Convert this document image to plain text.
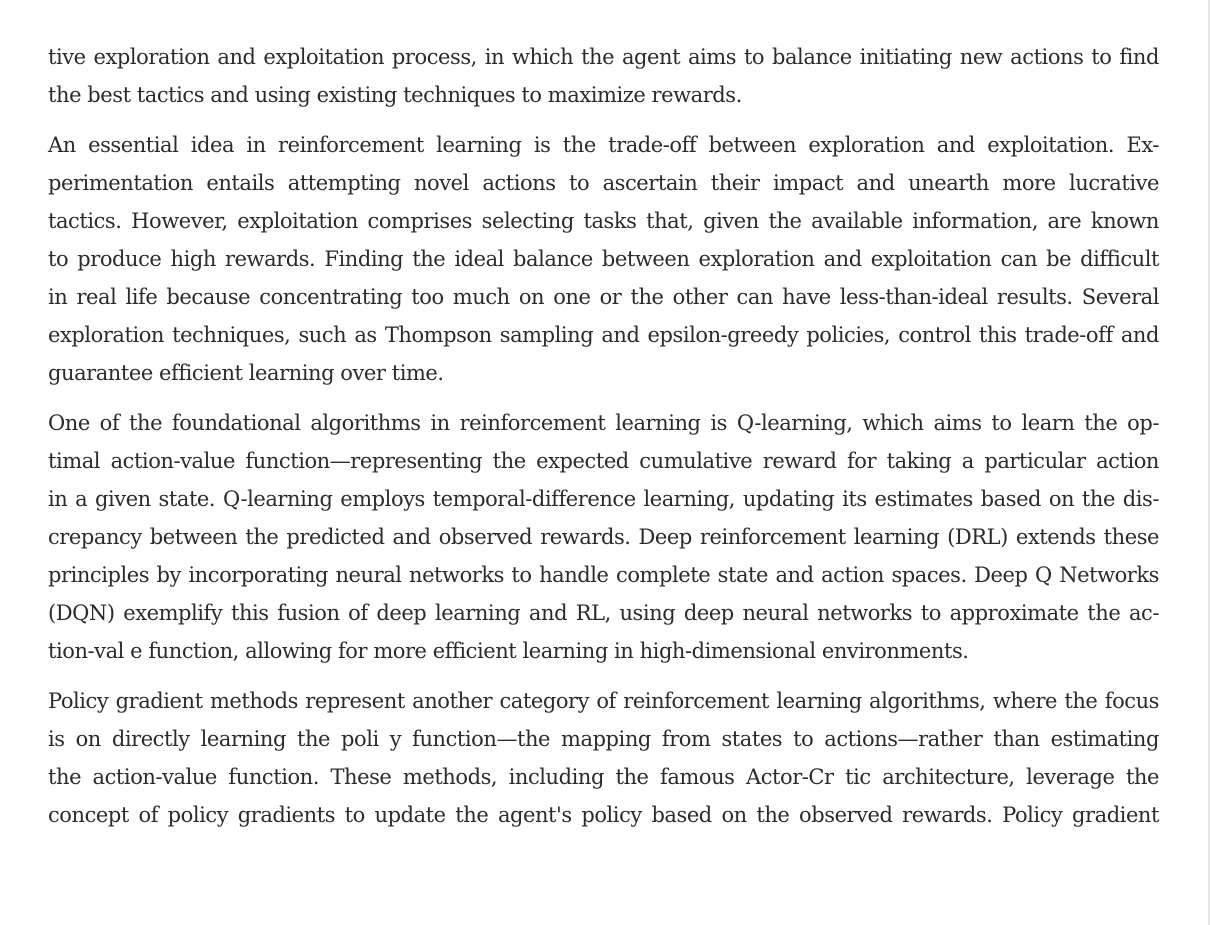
tive exploration and exploitation process, in which the agent aims to balance initiating new actions to find
the best tactics and using existing techniques to maximize rewards.

An essential idea in reinforcement learning is the trade-off between exploration and exploitation. Ex-
perimentation entails attempting novel actions to ascertain their impact and unearth more lucrative
tactics. However, exploitation comprises selecting tasks that, given the available information, are known
to produce high rewards. Finding the ideal balance between exploration and exploitation can be difficult
in real life because concentrating too much on one or the other can have less-than-ideal results. Several
exploration techniques, such as Thompson sampling and epsilon-greedy policies, control this trade-off and
guarantee efficient learning over time.

One of the foundational algorithms in reinforcement learning is Q-learning, which aims to learn the op-
timal action-value function—representing the expected cumulative reward for taking a particular action
in a given state. Q-learning employs temporal-difference learning, updating its estimates based on the dis-
crepancy between the predicted and observed rewards. Deep reinforcement learning (DRL) extends these
principles by incorporating neural networks to handle complete state and action spaces. Deep Q Networks
(DQN) exemplify this fusion of deep learning and RL, using deep neural networks to approximate the ac-
tion-val e function, allowing for more efficient learning in high-dimensional environments.

Policy gradient methods represent another category of reinforcement learning algorithms, where the focus
is on directly learning the poli y function—the mapping from states to actions—rather than estimating
the action-value function. These methods, including the famous Actor-Cr tic architecture, leverage the
concept of policy gradients to update the agent's policy based on the observed rewards. Policy gradient
